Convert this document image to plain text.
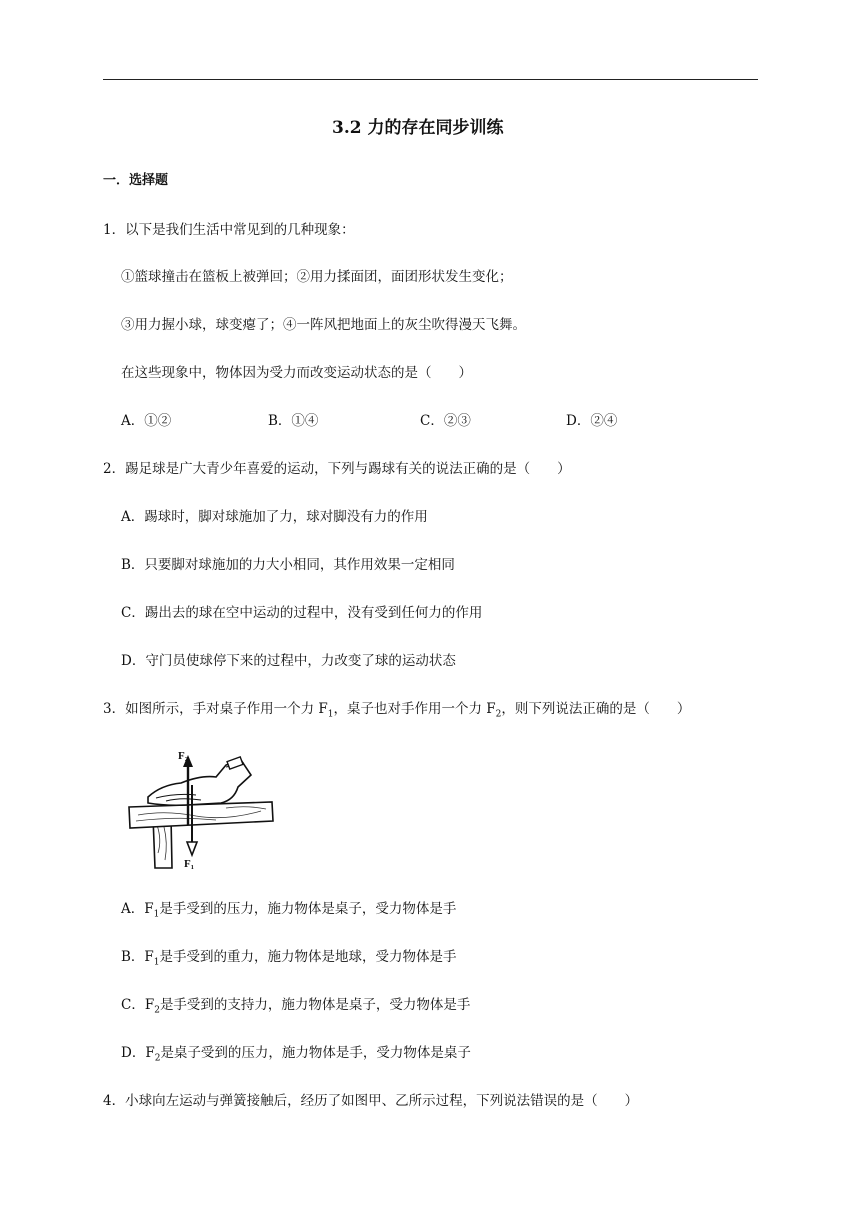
3.2 力的存在同步训练
一．选择题
1．以下是我们生活中常见到的几种现象：
①篮球撞击在篮板上被弹回；②用力揉面团，面团形状发生变化；
③用力握小球，球变瘪了；④一阵风把地面上的灰尘吹得漫天飞舞。
在这些现象中，物体因为受力而改变运动状态的是（　　）
A．①②	B．①④	C．②③	D．②④
2．踢足球是广大青少年喜爱的运动，下列与踢球有关的说法正确的是（　　）
A．踢球时，脚对球施加了力，球对脚没有力的作用
B．只要脚对球施加的力大小相同，其作用效果一定相同
C．踢出去的球在空中运动的过程中，没有受到任何力的作用
D．守门员使球停下来的过程中，力改变了球的运动状态
3．如图所示，手对桌子作用一个力 $F_1$，桌子也对手作用一个力 $F_2$，则下列说法正确的是（　　）
F₂
F₁
A．$F_1$是手受到的压力，施力物体是桌子，受力物体是手
B．$F_1$是手受到的重力，施力物体是地球，受力物体是手
C．$F_2$是手受到的支持力，施力物体是桌子，受力物体是手
D．$F_2$是桌子受到的压力，施力物体是手，受力物体是桌子
4．小球向左运动与弹簧接触后，经历了如图甲、乙所示过程，下列说法错误的是（　　）
